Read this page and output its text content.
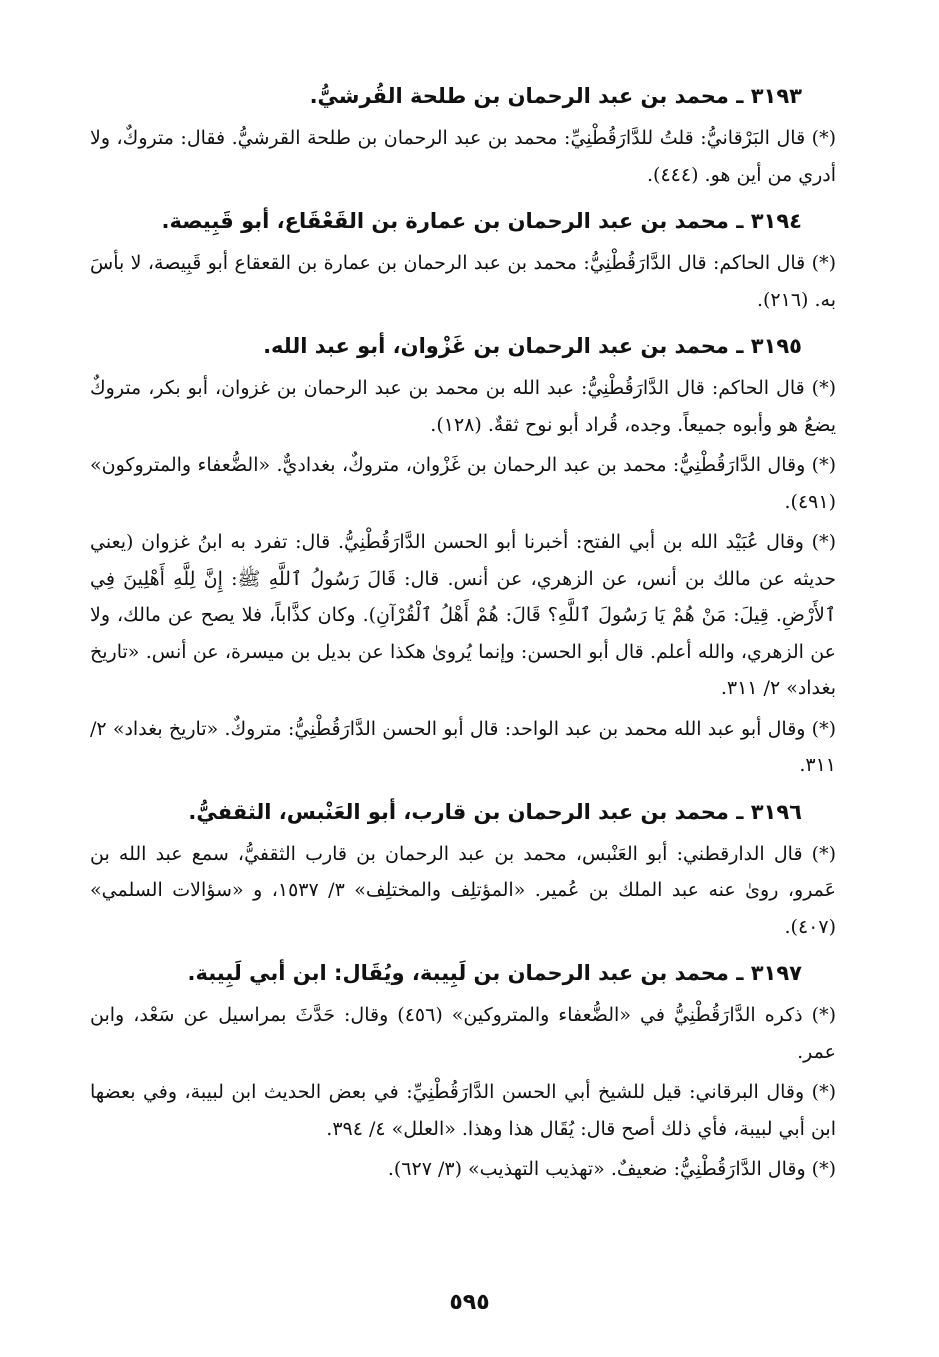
٣١٩٣ ـ محمد بن عبد الرحمان بن طلحة القُرشيُّ.
(*) قال البَرْقانيُّ: قلتُ للدَّارَقُطْنِيِّ: محمد بن عبد الرحمان بن طلحة القرشيُّ. فقال: متروكٌ، ولا أدري من أين هو. (٤٤٤).
٣١٩٤ ـ محمد بن عبد الرحمان بن عمارة بن القَعْقَاع، أبو قَبِيصة.
(*) قال الحاكم: قال الدَّارَقُطْنِيُّ: محمد بن عبد الرحمان بن عمارة بن القعقاع أبو قَبِيصة، لا بأسَ به. (٢١٦).
٣١٩٥ ـ محمد بن عبد الرحمان بن غَزْوان، أبو عبد الله.
(*) قال الحاكم: قال الدَّارَقُطْنِيُّ: عبد الله بن محمد بن عبد الرحمان بن غزوان، أبو بكر، متروكٌ يضعُ هو وأبوه جميعاً. وجده، قُراد أبو نوح ثقةٌ. (١٢٨).
(*) وقال الدَّارَقُطْنِيُّ: محمد بن عبد الرحمان بن غَزْوان، متروكٌ، بغداديٌّ. «الضُّعفاء والمتروكون» (٤٩١).
(*) وقال عُبَيْد الله بن أبي الفتح: أخبرنا أبو الحسن الدَّارَقُطْنِيُّ. قال: تفرد به ابنُ غزوان (يعني حديثه عن مالك بن أنس، عن الزهري، عن أنس. قال: قَالَ رَسُولُ ٱللَّهِ ﷺ: إِنَّ لِلَّهِ أَهْلِينَ فِي ٱلأَرْضِ. قِيلَ: مَنْ هُمْ يَا رَسُولَ ٱللَّهِ؟ قَالَ: هُمْ أَهْلُ ٱلْقُرْآنِ). وكان كذَّاباً، فلا يصح عن مالك، ولا عن الزهري، والله أعلم. قال أبو الحسن: وإنما يُروىٰ هكذا عن بديل بن ميسرة، عن أنس. «تاريخ بغداد» ٢/ ٣١١.
(*) وقال أبو عبد الله محمد بن عبد الواحد: قال أبو الحسن الدَّارَقُطْنِيُّ: متروكٌ. «تاريخ بغداد» ٢/ ٣١١.
٣١٩٦ ـ محمد بن عبد الرحمان بن قارب، أبو العَنْبس، الثقفيُّ.
(*) قال الدارقطني: أبو العَنْبس، محمد بن عبد الرحمان بن قارب الثقفيُّ، سمع عبد الله بن عَمرو، روىٰ عنه عبد الملك بن عُمير. «المؤتلِف والمختلِف» ٣/ ١٥٣٧، و «سؤالات السلمي» (٤٠٧).
٣١٩٧ ـ محمد بن عبد الرحمان بن لَبِيبة، ويُقَال: ابن أبي لَبِيبة.
(*) ذكره الدَّارَقُطْنِيُّ في «الضُّعفاء والمتروكين» (٤٥٦) وقال: حَدَّثَ بمراسيل عن سَعْد، وابن عمر.
(*) وقال البرقاني: قيل للشيخ أبي الحسن الدَّارَقُطْنِيِّ: في بعض الحديث ابن لبيبة، وفي بعضها ابن أبي لبيبة، فأي ذلك أصح قال: يُقَال هذا وهذا. «العلل» ٤/ ٣٩٤.
(*) وقال الدَّارَقُطْنِيُّ: ضعيفٌ. «تهذيب التهذيب» (٣/ ٦٢٧).
٥٩٥
